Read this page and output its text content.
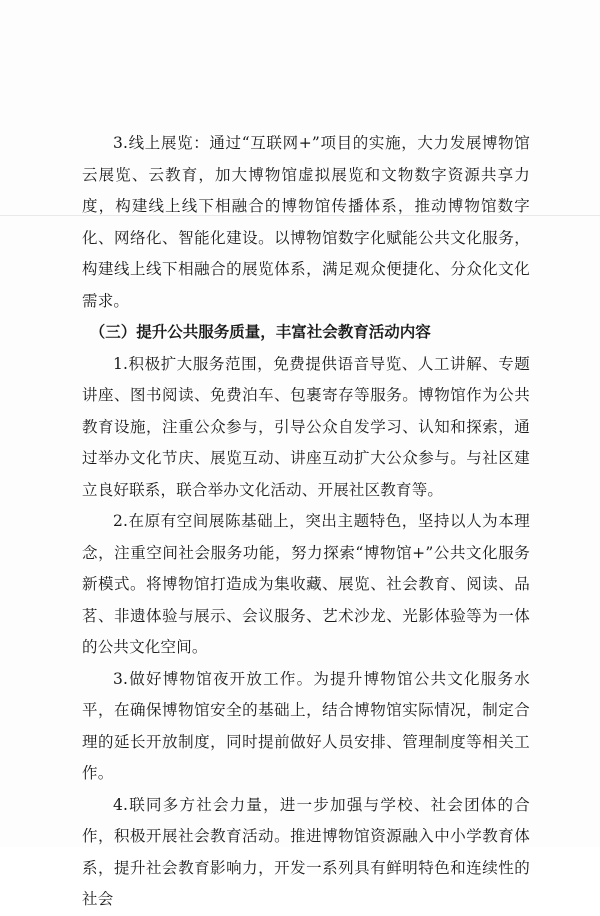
3.线上展览：通过“互联网+”项目的实施，大力发展博物馆云展览、云教育，加大博物馆虚拟展览和文物数字资源共享力度，构建线上线下相融合的博物馆传播体系，推动博物馆数字化、网络化、智能化建设。以博物馆数字化赋能公共文化服务，构建线上线下相融合的展览体系，满足观众便捷化、分众化文化需求。

（三）提升公共服务质量，丰富社会教育活动内容

1.积极扩大服务范围，免费提供语音导览、人工讲解、专题讲座、图书阅读、免费泊车、包裹寄存等服务。博物馆作为公共教育设施，注重公众参与，引导公众自发学习、认知和探索，通过举办文化节庆、展览互动、讲座互动扩大公众参与。与社区建立良好联系，联合举办文化活动、开展社区教育等。

2.在原有空间展陈基础上，突出主题特色，坚持以人为本理念，注重空间社会服务功能，努力探索“博物馆+”公共文化服务新模式。将博物馆打造成为集收藏、展览、社会教育、阅读、品茗、非遗体验与展示、会议服务、艺术沙龙、光影体验等为一体的公共文化空间。

3.做好博物馆夜开放工作。为提升博物馆公共文化服务水平，在确保博物馆安全的基础上，结合博物馆实际情况，制定合理的延长开放制度，同时提前做好人员安排、管理制度等相关工作。

4.联同多方社会力量，进一步加强与学校、社会团体的合作，积极开展社会教育活动。推进博物馆资源融入中小学教育体系，提升社会教育影响力，开发一系列具有鲜明特色和连续性的社会
